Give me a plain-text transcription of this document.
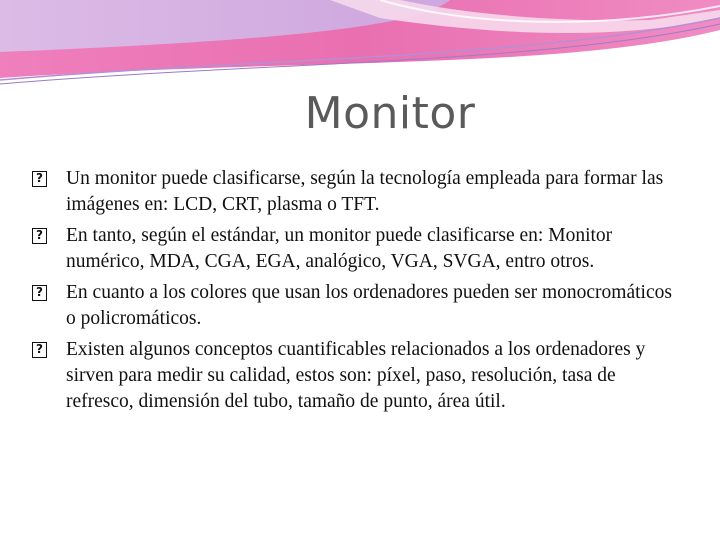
Monitor
? Un monitor puede clasificarse, según la tecnología empleada para formar las imágenes en: LCD, CRT, plasma o TFT.
? En tanto, según el estándar, un monitor puede clasificarse en: Monitor numérico, MDA, CGA, EGA, analógico, VGA, SVGA, entro otros.
? En cuanto a los colores que usan los ordenadores pueden ser monocromáticos o policromáticos.
? Existen algunos conceptos cuantificables relacionados a los ordenadores y sirven para medir su calidad, estos son: píxel, paso, resolución, tasa de refresco, dimensión del tubo, tamaño de punto, área útil.
